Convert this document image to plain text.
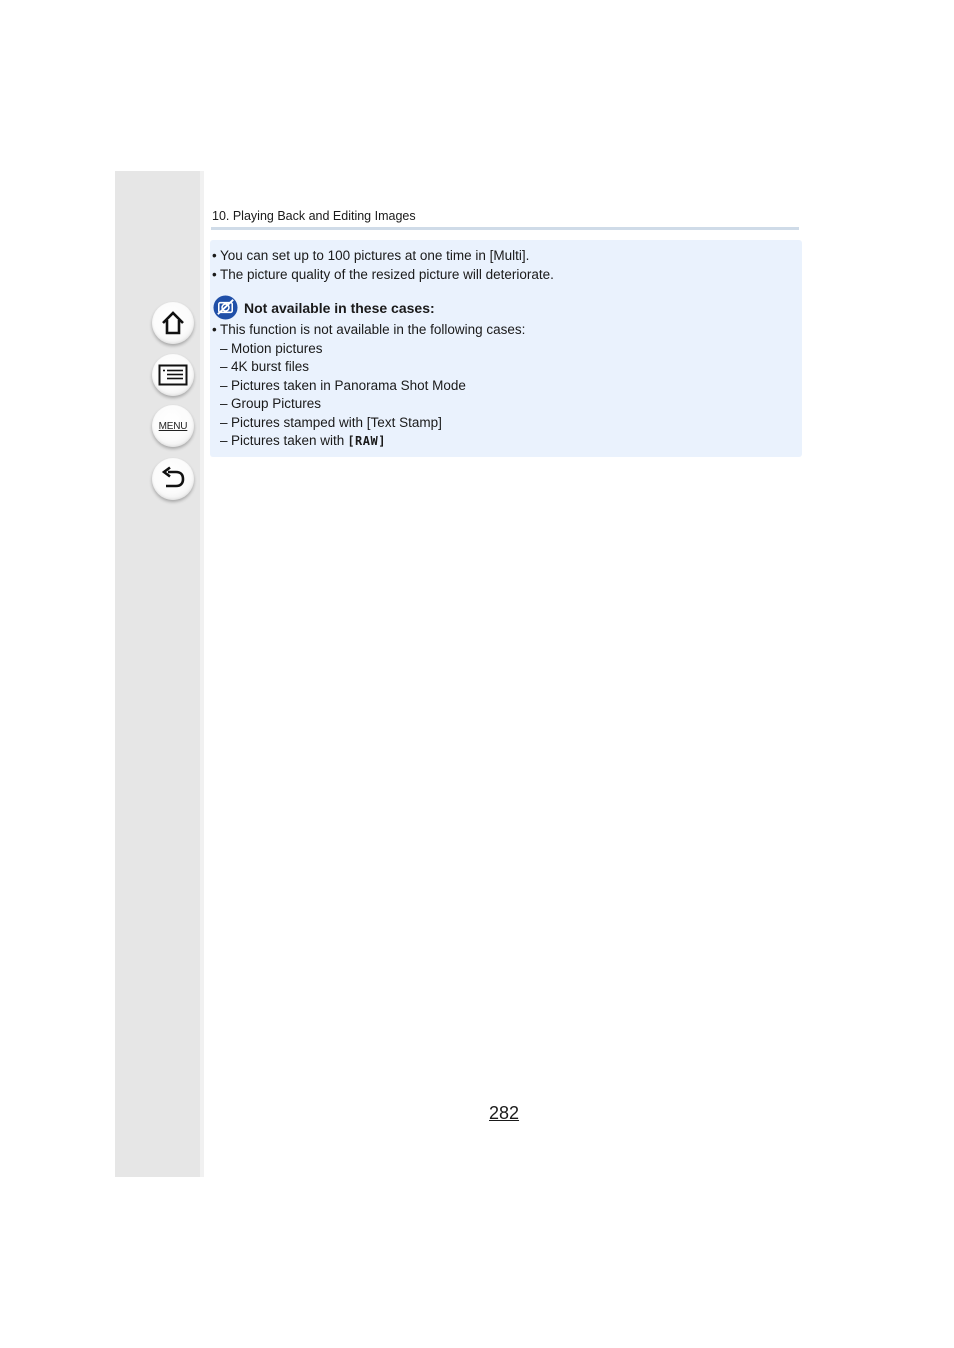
MENU
10. Playing Back and Editing Images
• You can set up to 100 pictures at one time in [Multi].
• The picture quality of the resized picture will deteriorate.
Not available in these cases:
• This function is not available in the following cases:
– Motion pictures
– 4K burst files
– Pictures taken in Panorama Shot Mode
– Group Pictures
– Pictures stamped with [Text Stamp]
– Pictures taken with [RAW]
282
